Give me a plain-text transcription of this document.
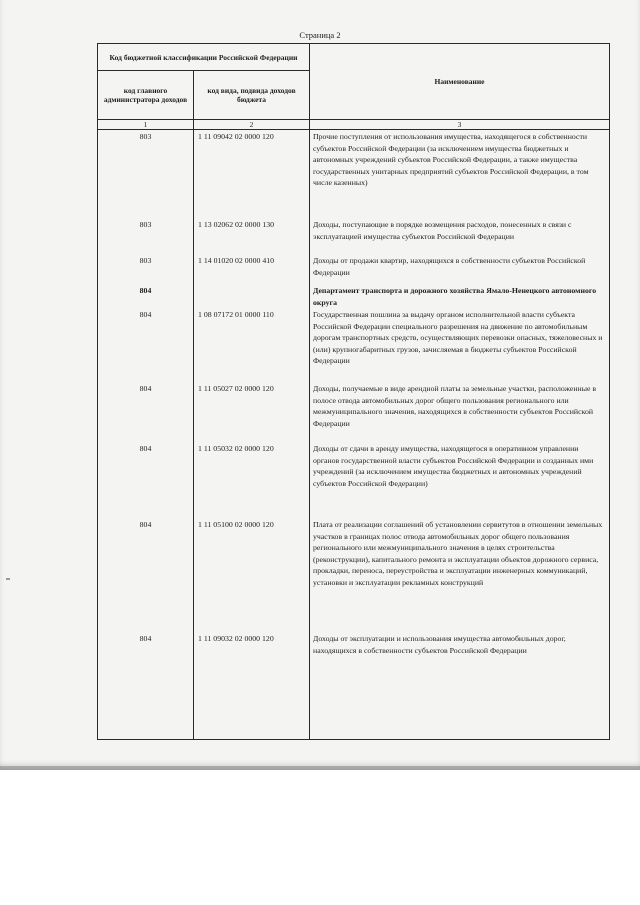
Страница 2
Код бюджетной классификации Российской Федерации		Наименование
код главного администратора доходов	код вида, подвида доходов бюджета	
1	2	3
803	1 11 09042 02 0000 120	Прочие поступления от использования имущества, находящегося в собственности субъектов Российской Федерации (за исключением имущества бюджетных и автономных учреждений субъектов Российской Федерации, а также имущества государственных унитарных предприятий субъектов Российской Федерации, в том числе казенных)
803	1 13 02062 02 0000 130	Доходы, поступающие в порядке возмещения расходов, понесенных в связи с эксплуатацией имущества субъектов Российской Федерации
803	1 14 01020 02 0000 410	Доходы от продажи квартир, находящихся в собственности субъектов Российской Федерации
804		Департамент транспорта и дорожного хозяйства Ямало-Ненецкого автономного округа
804	1 08 07172 01 0000 110	Государственная пошлина за выдачу органом исполнительной власти субъекта Российской Федерации специального разрешения на движение по автомобильным дорогам транспортных средств, осуществляющих перевозки опасных, тяжеловесных и (или) крупногабаритных грузов, зачисляемая в бюджеты субъектов Российской Федерации
804	1 11 05027 02 0000 120	Доходы, получаемые в виде арендной платы за земельные участки, расположенные в полосе отвода автомобильных дорог общего пользования регионального или межмуниципального значения, находящихся в собственности субъектов Российской Федерации
804	1 11 05032 02 0000 120	Доходы от сдачи в аренду имущества, находящегося в оперативном управлении органов государственной власти субъектов Российской Федерации и созданных ими учреждений (за исключением имущества бюджетных и автономных учреждений субъектов Российской Федерации)
804	1 11 05100 02 0000 120	Плата от реализации соглашений об установлении сервитутов в отношении земельных участков в границах полос отвода автомобильных дорог общего пользования регионального или межмуниципального значения в целях строительства (реконструкции), капитального ремонта и эксплуатации объектов дорожного сервиса, прокладки, переноса, переустройства и эксплуатации инженерных коммуникаций, установки и эксплуатации рекламных конструкций
804	1 11 09032 02 0000 120	Доходы от эксплуатации и использования имущества автомобильных дорог, находящихся в собственности субъектов Российской Федерации
